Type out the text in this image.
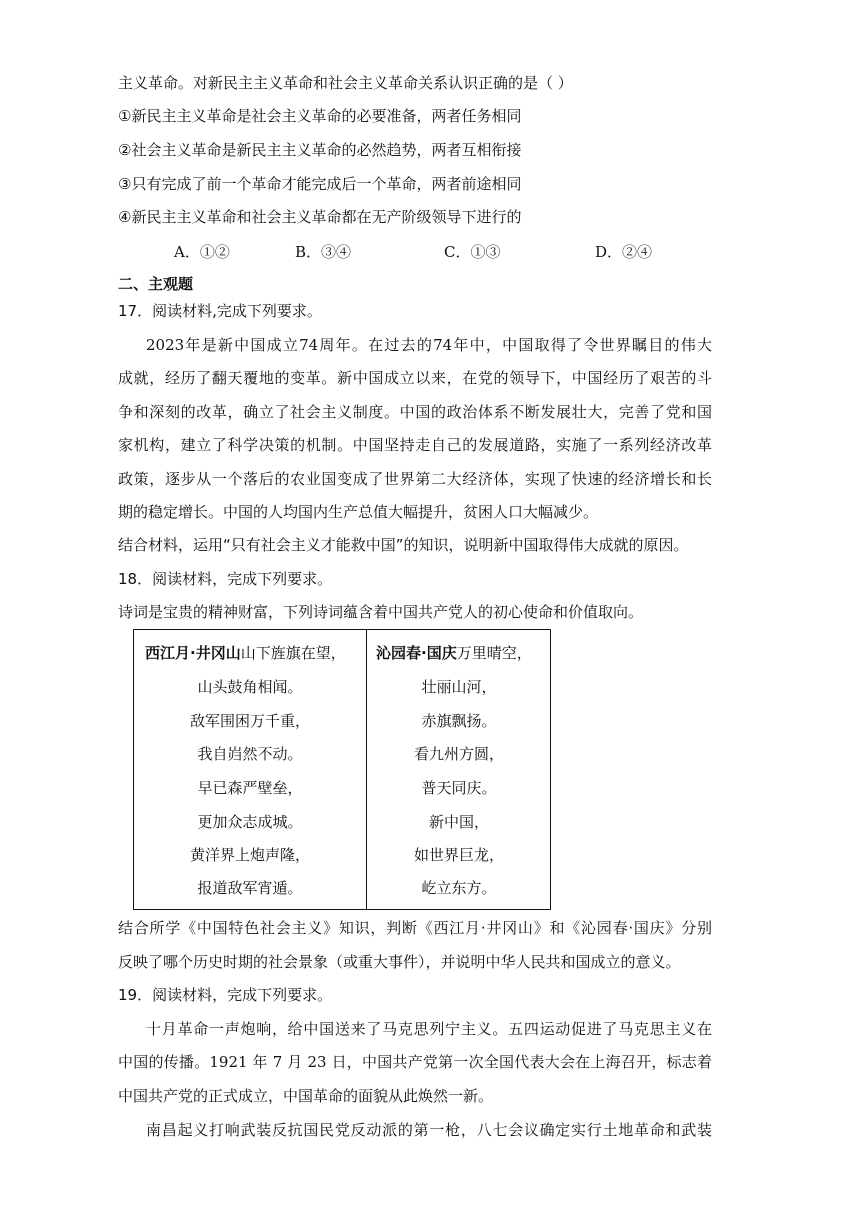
主义革命。对新民主主义革命和社会主义革命关系认识正确的是（ ）
①新民主主义革命是社会主义革命的必要准备，两者任务相同
②社会主义革命是新民主主义革命的必然趋势，两者互相衔接
③只有完成了前一个革命才能完成后一个革命，两者前途相同
④新民主主义革命和社会主义革命都在无产阶级领导下进行的
A．①②	B．③④	C．①③	D．②④
二、主观题
17．阅读材料,完成下列要求。
2023年是新中国成立74周年。在过去的74年中，中国取得了令世界瞩目的伟大
成就，经历了翻天覆地的变革。新中国成立以来，在党的领导下，中国经历了艰苦的斗
争和深刻的改革，确立了社会主义制度。中国的政治体系不断发展壮大，完善了党和国
家机构，建立了科学决策的机制。中国坚持走自己的发展道路，实施了一系列经济改革
政策，逐步从一个落后的农业国变成了世界第二大经济体，实现了快速的经济增长和长
期的稳定增长。中国的人均国内生产总值大幅提升，贫困人口大幅减少。
结合材料，运用“只有社会主义才能救中国”的知识，说明新中国取得伟大成就的原因。
18．阅读材料，完成下列要求。
诗词是宝贵的精神财富，下列诗词蕴含着中国共产党人的初心使命和价值取向。
西江月·井冈山山下旌旗在望，
山头鼓角相闻。
敌军围困万千重，
我自岿然不动。
早已森严壁垒，
更加众志成城。
黄洋界上炮声隆，
报道敌军宵遁。
沁园春·国庆万里晴空，
壮丽山河，
赤旗飘扬。
看九州方圆，
普天同庆。
新中国，
如世界巨龙，
屹立东方。
结合所学《中国特色社会主义》知识，判断《西江月·井冈山》和《沁园春·国庆》分别
反映了哪个历史时期的社会景象（或重大事件），并说明中华人民共和国成立的意义。
19．阅读材料，完成下列要求。
十月革命一声炮响，给中国送来了马克思列宁主义。五四运动促进了马克思主义在
中国的传播。1921 年 7 月 23 日，中国共产党第一次全国代表大会在上海召开，标志着
中国共产党的正式成立，中国革命的面貌从此焕然一新。
南昌起义打响武装反抗国民党反动派的第一枪，八七会议确定实行土地革命和武装
